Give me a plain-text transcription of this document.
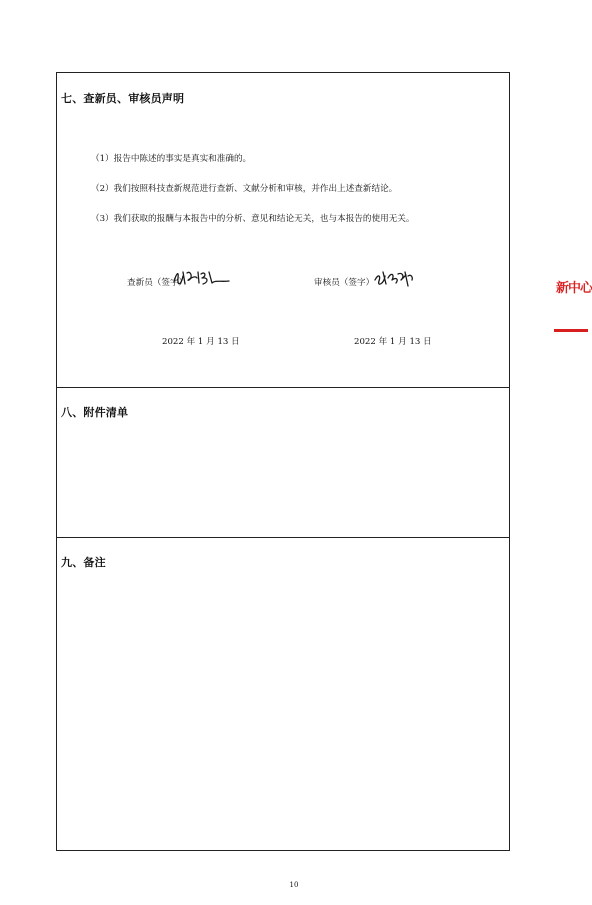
七、查新员、审核员声明
（1）报告中陈述的事实是真实和准确的。
（2）我们按照科技查新规范进行查新、文献分析和审核，并作出上述查新结论。
（3）我们获取的报酬与本报告中的分析、意见和结论无关，也与本报告的使用无关。
查新员（签字）	审核员（签字）
2022 年 1 月 13 日	2022 年 1 月 13 日
八、附件清单
九、备注
新中心
10
